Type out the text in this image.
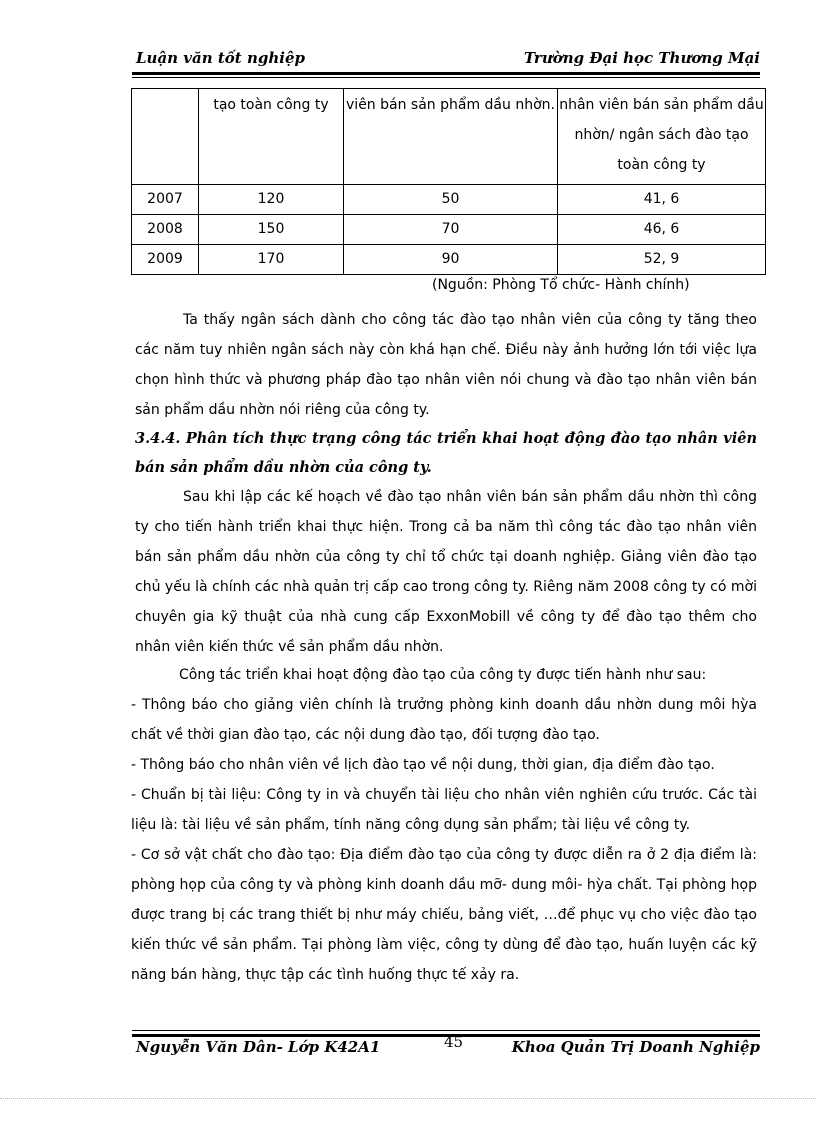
Luận văn tốt nghiệp	Trường Đại học Thương Mại
	tạo toàn công ty	viên bán sản phẩm dầu nhờn.	nhân viên bán sản phẩm dầu nhờn/ ngân sách đào tạo toàn công ty
2007	120	50	41, 6
2008	150	70	46, 6
2009	170	90	52, 9
(Nguồn: Phòng Tổ chức- Hành chính)
Ta thấy ngân sách dành cho công tác đào tạo nhân viên của công ty tăng theo các năm tuy nhiên ngân sách này còn khá hạn chế. Điều này ảnh hưởng lớn tới việc lựa chọn hình thức và phương pháp đào tạo nhân viên nói chung và đào tạo nhân viên bán sản phẩm dầu nhờn nói riêng của công ty.
3.4.4. Phân tích thực trạng công tác triển khai hoạt động đào tạo nhân viên bán sản phẩm dầu nhờn của công ty.
Sau khi lập các kế hoạch về đào tạo nhân viên bán sản phẩm dầu nhờn thì công ty cho tiến hành triển khai thực hiện. Trong cả ba năm thì công tác đào tạo nhân viên bán sản phẩm dầu nhờn của công ty chỉ tổ chức tại doanh nghiệp. Giảng viên đào tạo chủ yếu là chính các nhà quản trị cấp cao trong công ty. Riêng năm 2008 công ty có mời chuyên gia kỹ thuật của nhà cung cấp ExxonMobill về công ty để đào tạo thêm cho nhân viên kiến thức về sản phẩm dầu nhờn.
Công tác triển khai hoạt động đào tạo của công ty được tiến hành như sau:
- Thông báo cho giảng viên chính là trưởng phòng kinh doanh dầu nhờn dung môi hỳa chất về thời gian đào tạo, các nội dung đào tạo, đối tượng đào tạo.
- Thông báo cho nhân viên về lịch đào tạo về nội dung, thời gian, địa điểm đào tạo.
- Chuẩn bị tài liệu: Công ty in và chuyển tài liệu cho nhân viên nghiên cứu trước. Các tài liệu là: tài liệu về sản phẩm, tính năng công dụng sản phẩm; tài liệu về công ty.
- Cơ sở vật chất cho đào tạo: Địa điểm đào tạo của công ty được diễn ra ở 2 địa điểm là: phòng họp của công ty và phòng kinh doanh dầu mỡ- dung môi- hỳa chất. Tại phòng họp được trang bị các trang thiết bị như máy chiếu, bảng viết, …để phục vụ cho việc đào tạo kiến thức về sản phẩm. Tại phòng làm việc, công ty dùng để đào tạo, huấn luyện các kỹ năng bán hàng, thực tập các tình huống thực tế xảy ra.
Nguyễn Văn Dân- Lớp K42A1	45	Khoa Quản Trị Doanh Nghiệp
